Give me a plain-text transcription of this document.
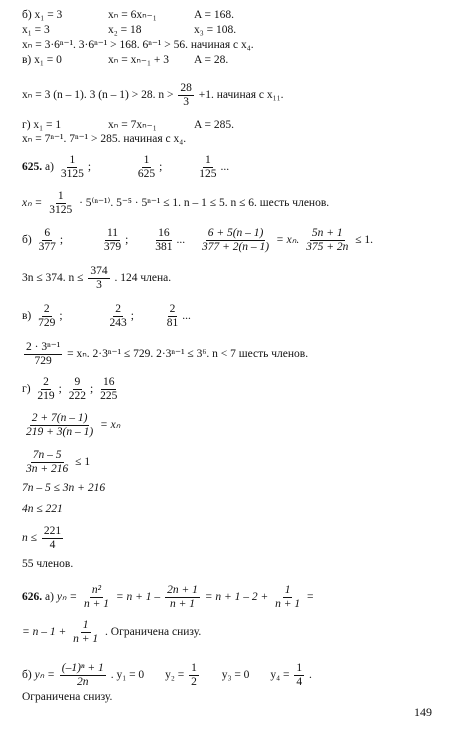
б) x₁ = 3	xₙ = 6xₙ₋₁	A = 168.
x₁ = 3	x₂ = 18	x₃ = 108.
xₙ = 3·6ⁿ⁻¹. 3·6ⁿ⁻¹ > 168. 6ⁿ⁻¹ > 56. начиная с x₄.
в) x₁ = 0	xₙ = xₙ₋₁ + 3 A = 28.
xₙ = 3 (n – 1). 3 (n – 1) > 28. $n > \frac{28}{3} +1$. начиная с x₁₁.
г) x₁ = 1	xₙ = 7xₙ₋₁	A = 285.
xₙ = 7ⁿ⁻¹. 7ⁿ⁻¹ > 285. начиная с x₄.
625. $а) \frac{1}{3125}$ ;	$\frac{1}{625}$ ;	$\frac{1}{125}$ ...
$x_n = \frac{1}{3125} \cdot 5^{(n-1)}$. 5⁻⁵ · 5ⁿ⁻¹ ≤ 1. n – 1 ≤ 5. n ≤ 6. шесть членов.
$б) \frac{6}{377}$ ;	$\frac{11}{379}$ ; $\frac{16}{381}$ ... $\frac{6 + 5(n - 1)}{377 + 2(n - 1)} = x_n$. $\frac{5n + 1}{375 + 2n} \le 1$.
3n ≤ 374. $n \le \frac{374}{3}$ . 124 члена.
$в) \frac{2}{729}$ ;	$\frac{2}{243}$ ;	$\frac{2}{81}$ ...
$\frac{\text{2 · 3ⁿ⁻¹}}{729} = x_n$. 2·3ⁿ⁻¹ ≤ 729. 2·3ⁿ⁻¹ ≤ 3⁶. n < 7 шесть членов.
$г) \frac{2}{219}$ ; $\frac{9}{222}$ ; $\frac{16}{225}$
$\frac{2 + 7(n - 1)}{219 + 3(n - 1)} = x_n$
$\frac{7n - 5}{3n + 216} \le 1$
7n – 5 ≤ 3n + 216
4n ≤ 221
$n \le \frac{221}{4}$
55 членов.
626. а) $y_n = \frac{\text{n²}}{n + 1} = n + 1 - \frac{2n + 1}{n + 1} = n + 1 - 2 + \frac{1}{n + 1}$ =
= $n - 1 + \frac{1}{n + 1}$ . Ограничена снизу.
б) $y_n = \frac{\text{(–1)ⁿ + 1}}{2n}$ . y₁ = 0 $y_2 = \frac{1}{2} y_3 = 0$ $y_4 = \frac{1}{4}$ .
Ограничена снизу.
149
